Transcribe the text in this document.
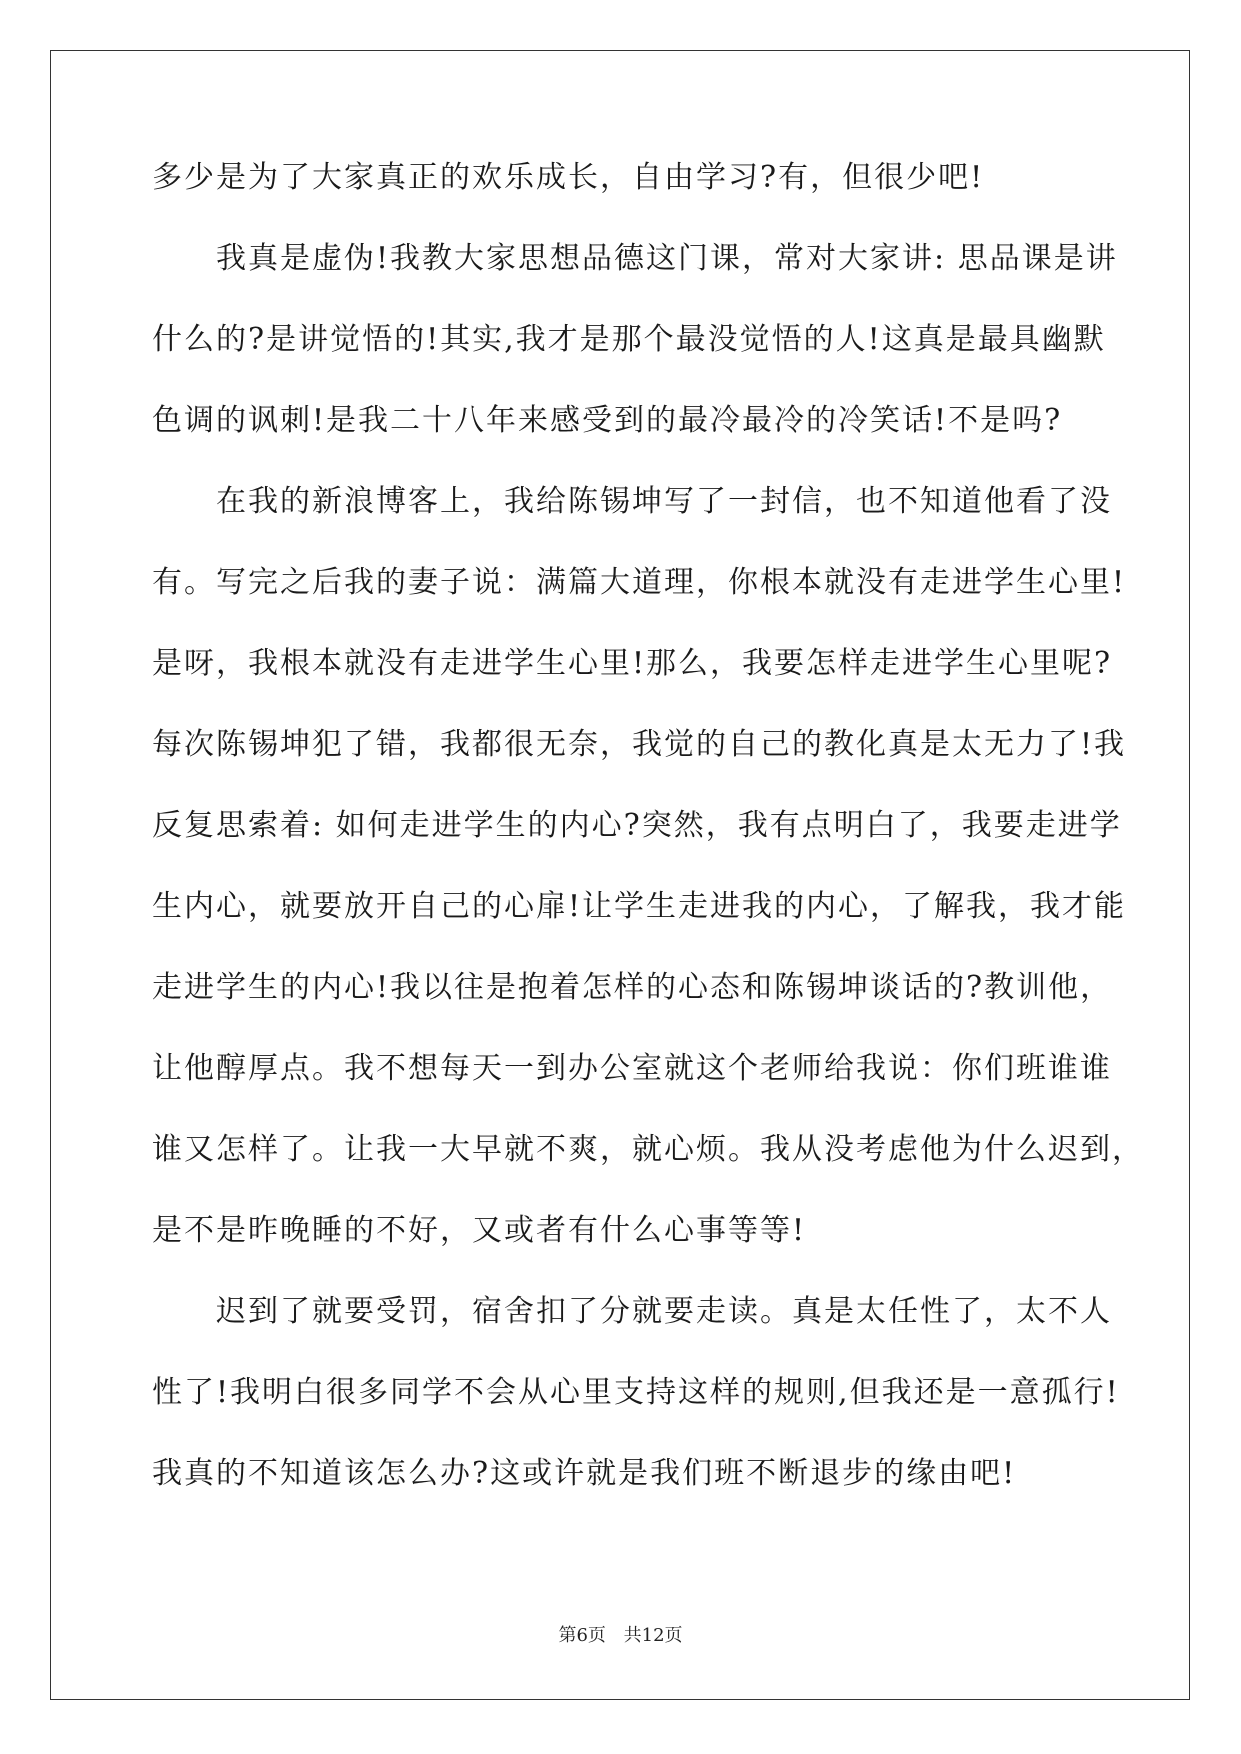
多少是为了大家真正的欢乐成长，自由学习?有，但很少吧!
　　我真是虚伪!我教大家思想品德这门课，常对大家讲: 思品课是讲
什么的?是讲觉悟的!其实,我才是那个最没觉悟的人!这真是最具幽默
色调的讽刺!是我二十八年来感受到的最冷最冷的冷笑话!不是吗?
　　在我的新浪博客上，我给陈锡坤写了一封信，也不知道他看了没
有。写完之后我的妻子说：满篇大道理，你根本就没有走进学生心里!
是呀，我根本就没有走进学生心里!那么，我要怎样走进学生心里呢?
每次陈锡坤犯了错，我都很无奈，我觉的自己的教化真是太无力了!我
反复思索着: 如何走进学生的内心?突然，我有点明白了，我要走进学
生内心，就要放开自己的心扉!让学生走进我的内心，了解我，我才能
走进学生的内心!我以往是抱着怎样的心态和陈锡坤谈话的?教训他，
让他醇厚点。我不想每天一到办公室就这个老师给我说：你们班谁谁
谁又怎样了。让我一大早就不爽，就心烦。我从没考虑他为什么迟到，
是不是昨晚睡的不好，又或者有什么心事等等!
　　迟到了就要受罚，宿舍扣了分就要走读。真是太任性了，太不人
性了!我明白很多同学不会从心里支持这样的规则,但我还是一意孤行!
我真的不知道该怎么办?这或许就是我们班不断退步的缘由吧!
第6页 共12页
